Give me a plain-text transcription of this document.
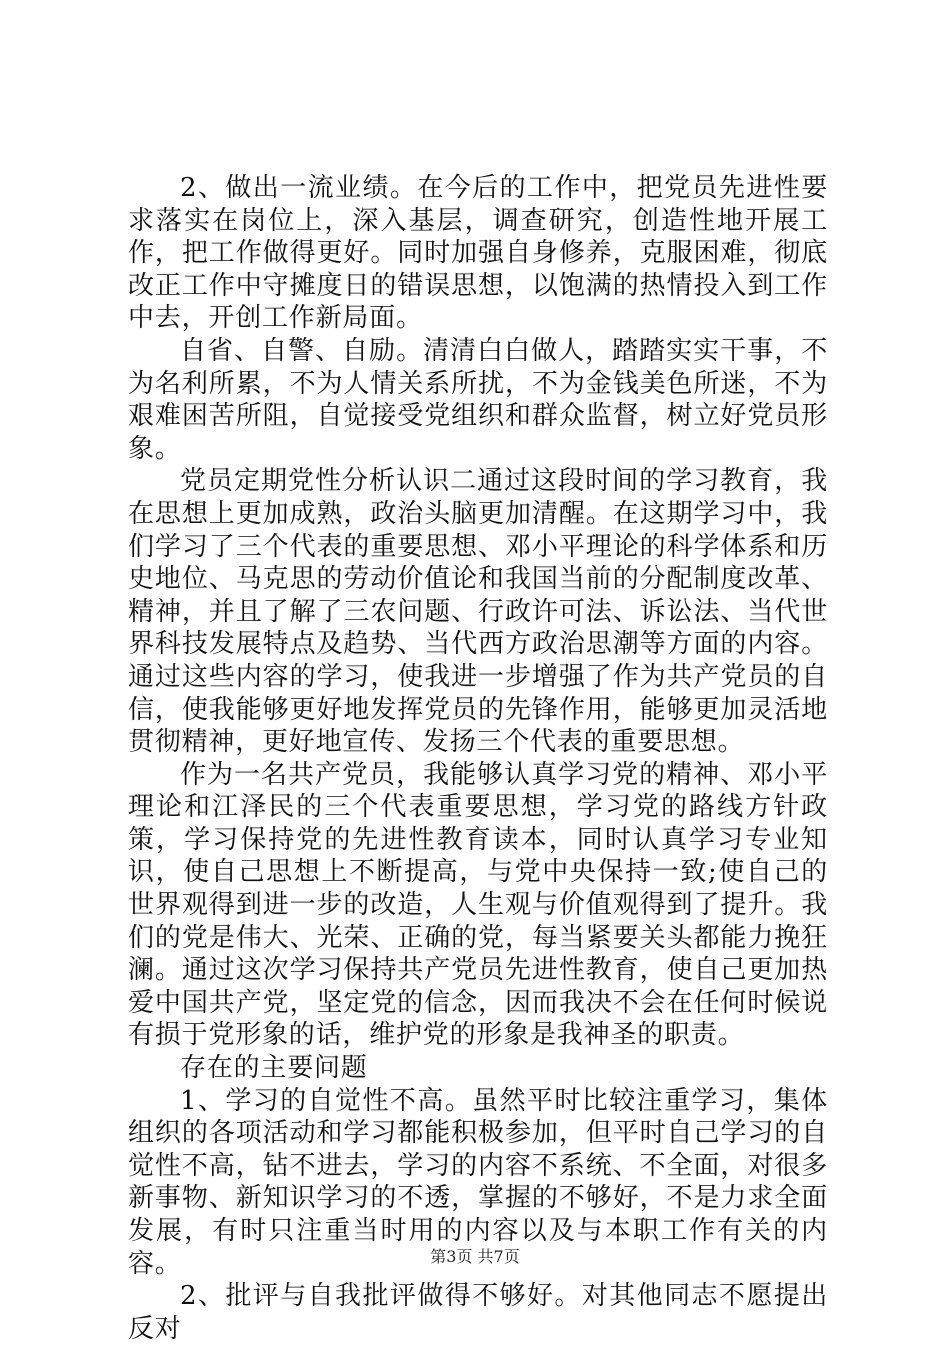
2、做出一流业绩。在今后的工作中，把党员先进性要求落实在岗位上，深入基层，调查研究，创造性地开展工作，把工作做得更好。同时加强自身修养，克服困难，彻底改正工作中守摊度日的错误思想，以饱满的热情投入到工作中去，开创工作新局面。

自省、自警、自励。清清白白做人，踏踏实实干事，不为名利所累，不为人情关系所扰，不为金钱美色所迷，不为艰难困苦所阻，自觉接受党组织和群众监督，树立好党员形象。

党员定期党性分析认识二通过这段时间的学习教育，我在思想上更加成熟，政治头脑更加清醒。在这期学习中，我们学习了三个代表的重要思想、邓小平理论的科学体系和历史地位、马克思的劳动价值论和我国当前的分配制度改革、精神，并且了解了三农问题、行政许可法、诉讼法、当代世界科技发展特点及趋势、当代西方政治思潮等方面的内容。通过这些内容的学习，使我进一步增强了作为共产党员的自信，使我能够更好地发挥党员的先锋作用，能够更加灵活地贯彻精神，更好地宣传、发扬三个代表的重要思想。

作为一名共产党员，我能够认真学习党的精神、邓小平理论和江泽民的三个代表重要思想，学习党的路线方针政策，学习保持党的先进性教育读本，同时认真学习专业知识，使自己思想上不断提高，与党中央保持一致;使自己的世界观得到进一步的改造，人生观与价值观得到了提升。我们的党是伟大、光荣、正确的党，每当紧要关头都能力挽狂澜。通过这次学习保持共产党员先进性教育，使自己更加热爱中国共产党，坚定党的信念，因而我决不会在任何时候说有损于党形象的话，维护党的形象是我神圣的职责。

存在的主要问题

1、学习的自觉性不高。虽然平时比较注重学习，集体组织的各项活动和学习都能积极参加，但平时自己学习的自觉性不高，钻不进去，学习的内容不系统、不全面，对很多新事物、新知识学习的不透，掌握的不够好，不是力求全面发展，有时只注重当时用的内容以及与本职工作有关的内容。

2、批评与自我批评做得不够好。对其他同志不愿提出反对

第3页 共7页
